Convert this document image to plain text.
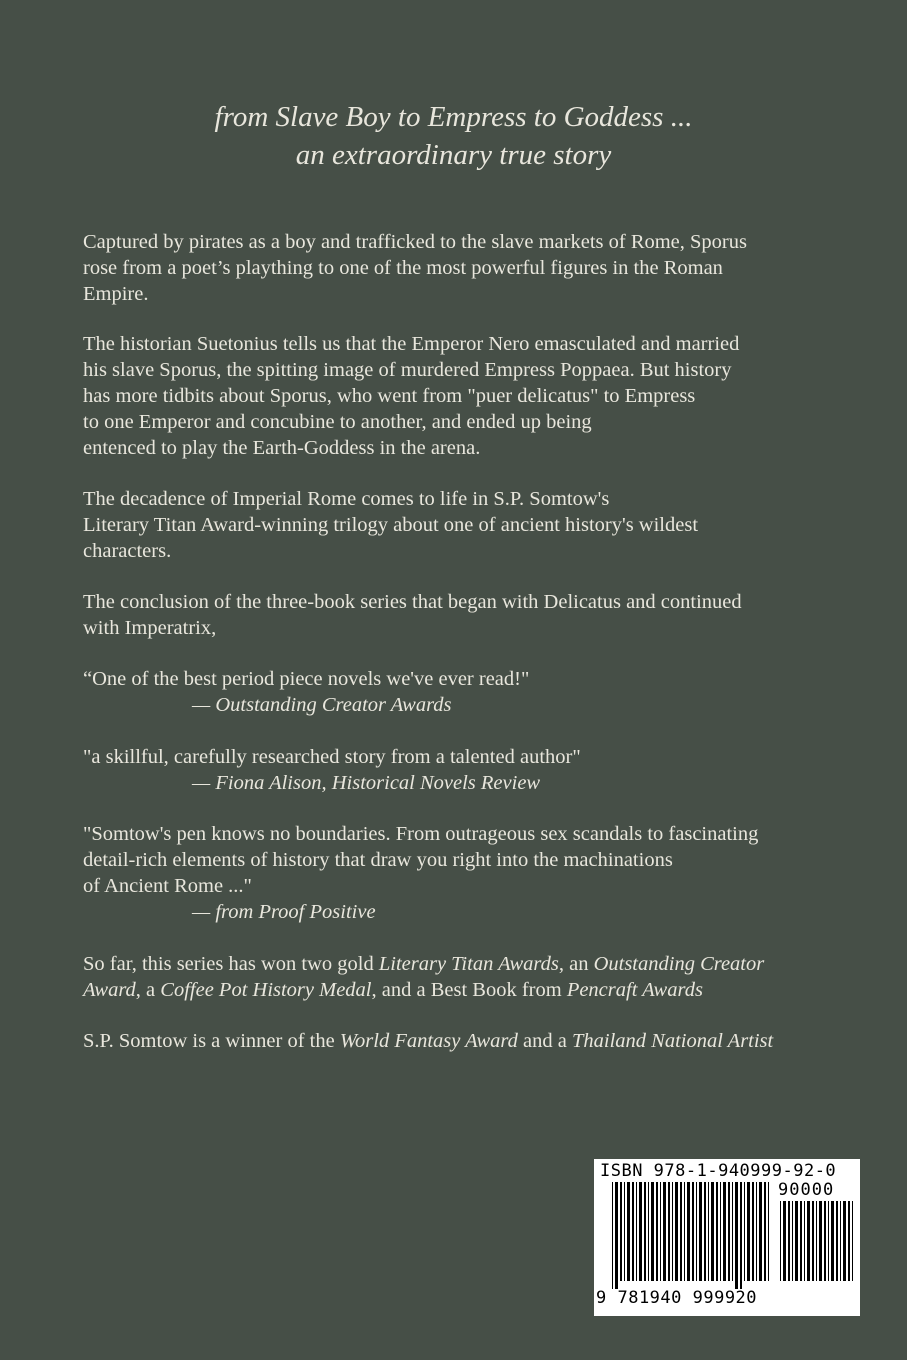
from Slave Boy to Empress to Goddess ...
an extraordinary true story
Captured by pirates as a boy and trafficked to the slave markets of Rome, Sporus
rose from a poet’s plaything to one of the most powerful figures in the Roman
Empire.
The historian Suetonius tells us that the Emperor Nero emasculated and married
his slave Sporus, the spitting image of murdered Empress Poppaea. But history
has more tidbits about Sporus, who went from "puer delicatus" to Empress
to one Emperor and concubine to another, and ended up being
entenced to play the Earth-Goddess in the arena.
The decadence of Imperial Rome comes to life in S.P. Somtow's
Literary Titan Award-winning trilogy about one of ancient history's wildest
characters.
The conclusion of the three-book series that began with Delicatus and continued
with Imperatrix,
“One of the best period piece novels we've ever read!"
— Outstanding Creator Awards
"a skillful, carefully researched story from a talented author"
— Fiona Alison, Historical Novels Review
"Somtow's pen knows no boundaries. From outrageous sex scandals to fascinating
detail-rich elements of history that draw you right into the machinations
of Ancient Rome ..."
— from Proof Positive
So far, this series has won two gold Literary Titan Awards, an Outstanding Creator
Award, a Coffee Pot History Medal, and a Best Book from Pencraft Awards
S.P. Somtow is a winner of the World Fantasy Award and a Thailand National Artist
ISBN 978-1-940999-92-0
90000
9 781940 999920
